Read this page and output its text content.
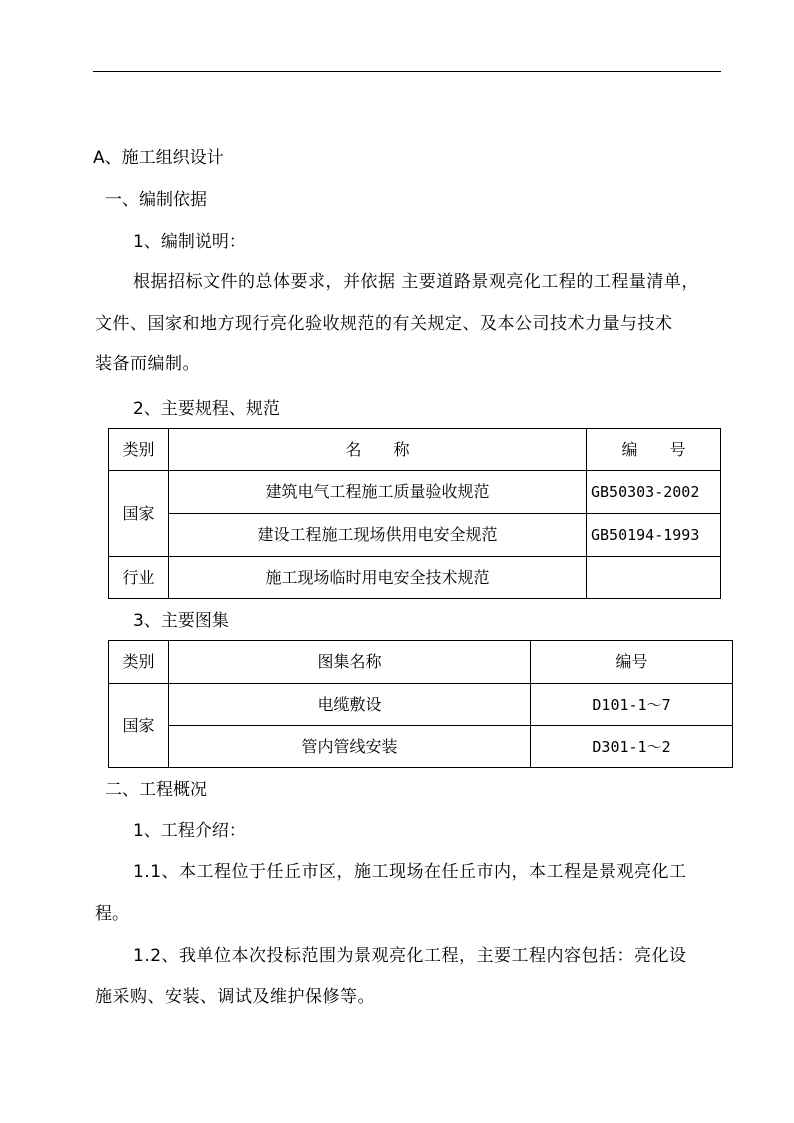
A、施工组织设计
一、编制依据
1、编制说明：
根据招标文件的总体要求，并依据 主要道路景观亮化工程的工程量清单，
文件、国家和地方现行亮化验收规范的有关规定、及本公司技术力量与技术
装备而编制。
2、主要规程、规范
类别	名　　称	编　　号
国家	建筑电气工程施工质量验收规范	GB50303-2002
	建设工程施工现场供用电安全规范	GB50194-1993
行业	施工现场临时用电安全技术规范	
3、主要图集
类别	图集名称	编号
国家	电缆敷设	D101-1～7
	管内管线安装	D301-1～2
二、工程概况
1、工程介绍：
1.1、本工程位于任丘市区，施工现场在任丘市内，本工程是景观亮化工
程。
1.2、我单位本次投标范围为景观亮化工程，主要工程内容包括：亮化设
施采购、安装、调试及维护保修等。
